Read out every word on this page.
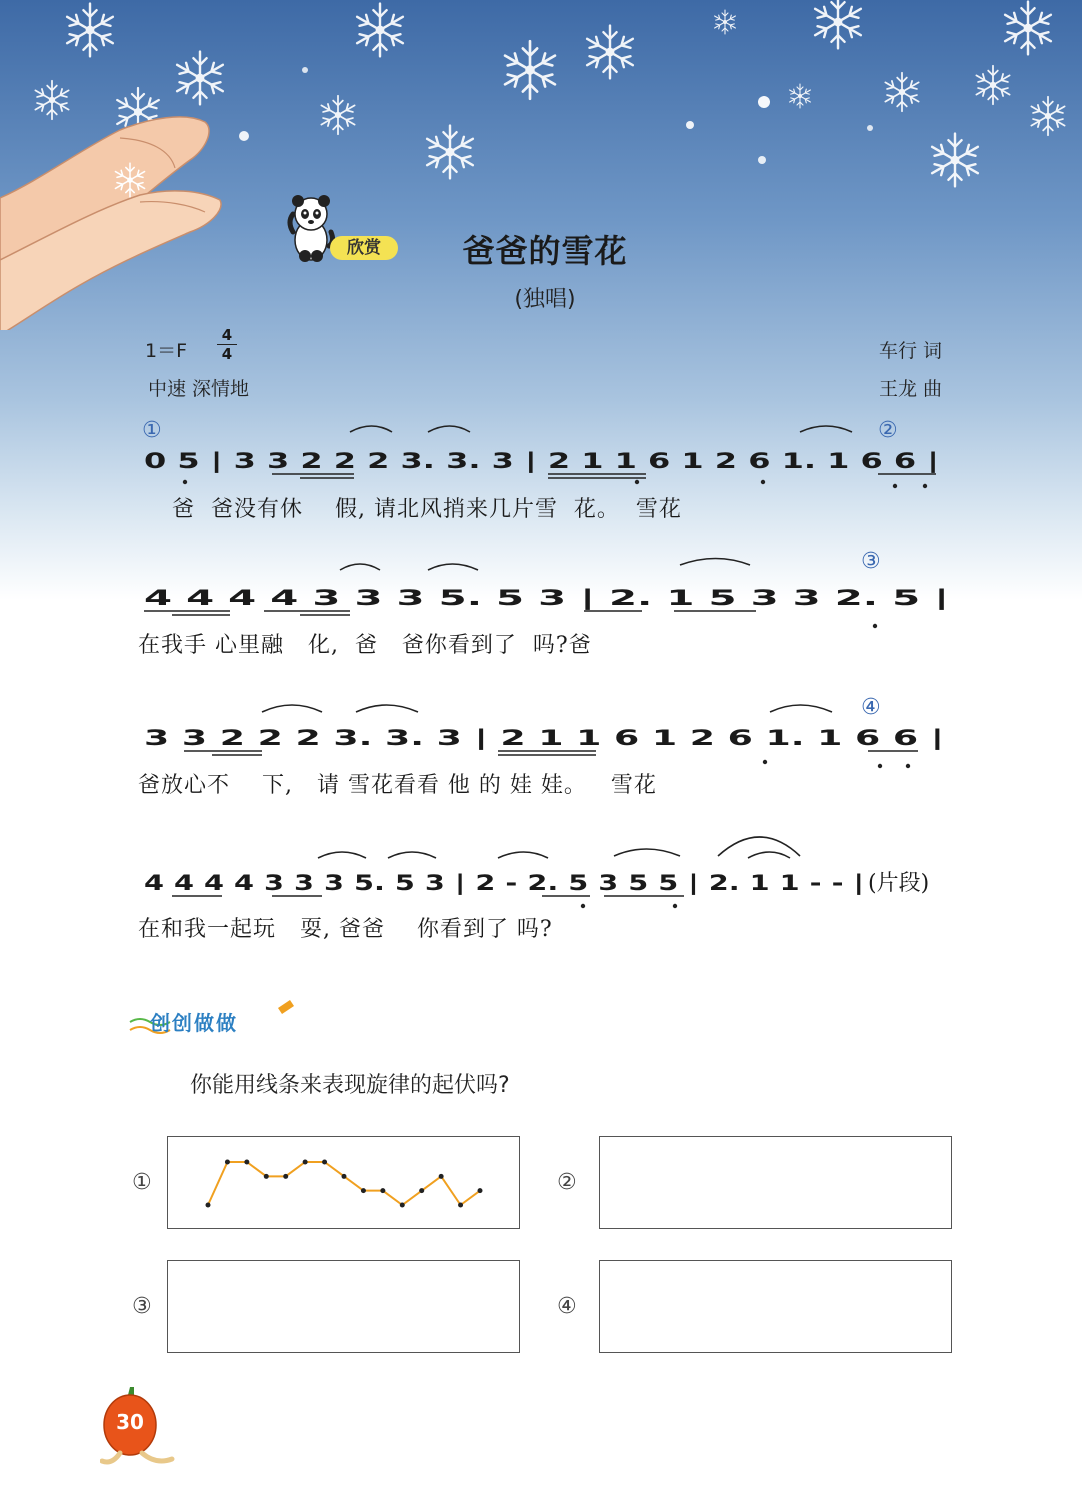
欣赏	爸爸的雪花
(独唱)
1＝F
4
4
中速 深情地
车行 词
王龙 曲
①	②
0 5 | 3 3 2 2 2 3. 3. 3 | 2 1 1 6 1 2 6 1. 1 6 6 |
③
4 4 4 4 3 3 3 5. 5 3 | 2. 1 5 3 3 2. 5 |
④
3 3 2 2 2 3. 3. 3 | 2 1 1 6 1 2 6 1. 1 6 6 |
4 4 4 4 3 3 3 5. 5 3 | 2 - 2. 5 3 5 5 | 2. 1 1 - - |	(片段)
爸  爸没有休    假, 请北风捎来几片雪  花。  雪花
在我手 心里融   化,  爸   爸你看到了  吗?爸
爸放心不    下,   请 雪花看看 他 的 娃 娃。   雪花
在和我一起玩   耍, 爸爸    你看到了 吗?
创创做做
你能用线条来表现旋律的起伏吗?
①	②
③	④
30
